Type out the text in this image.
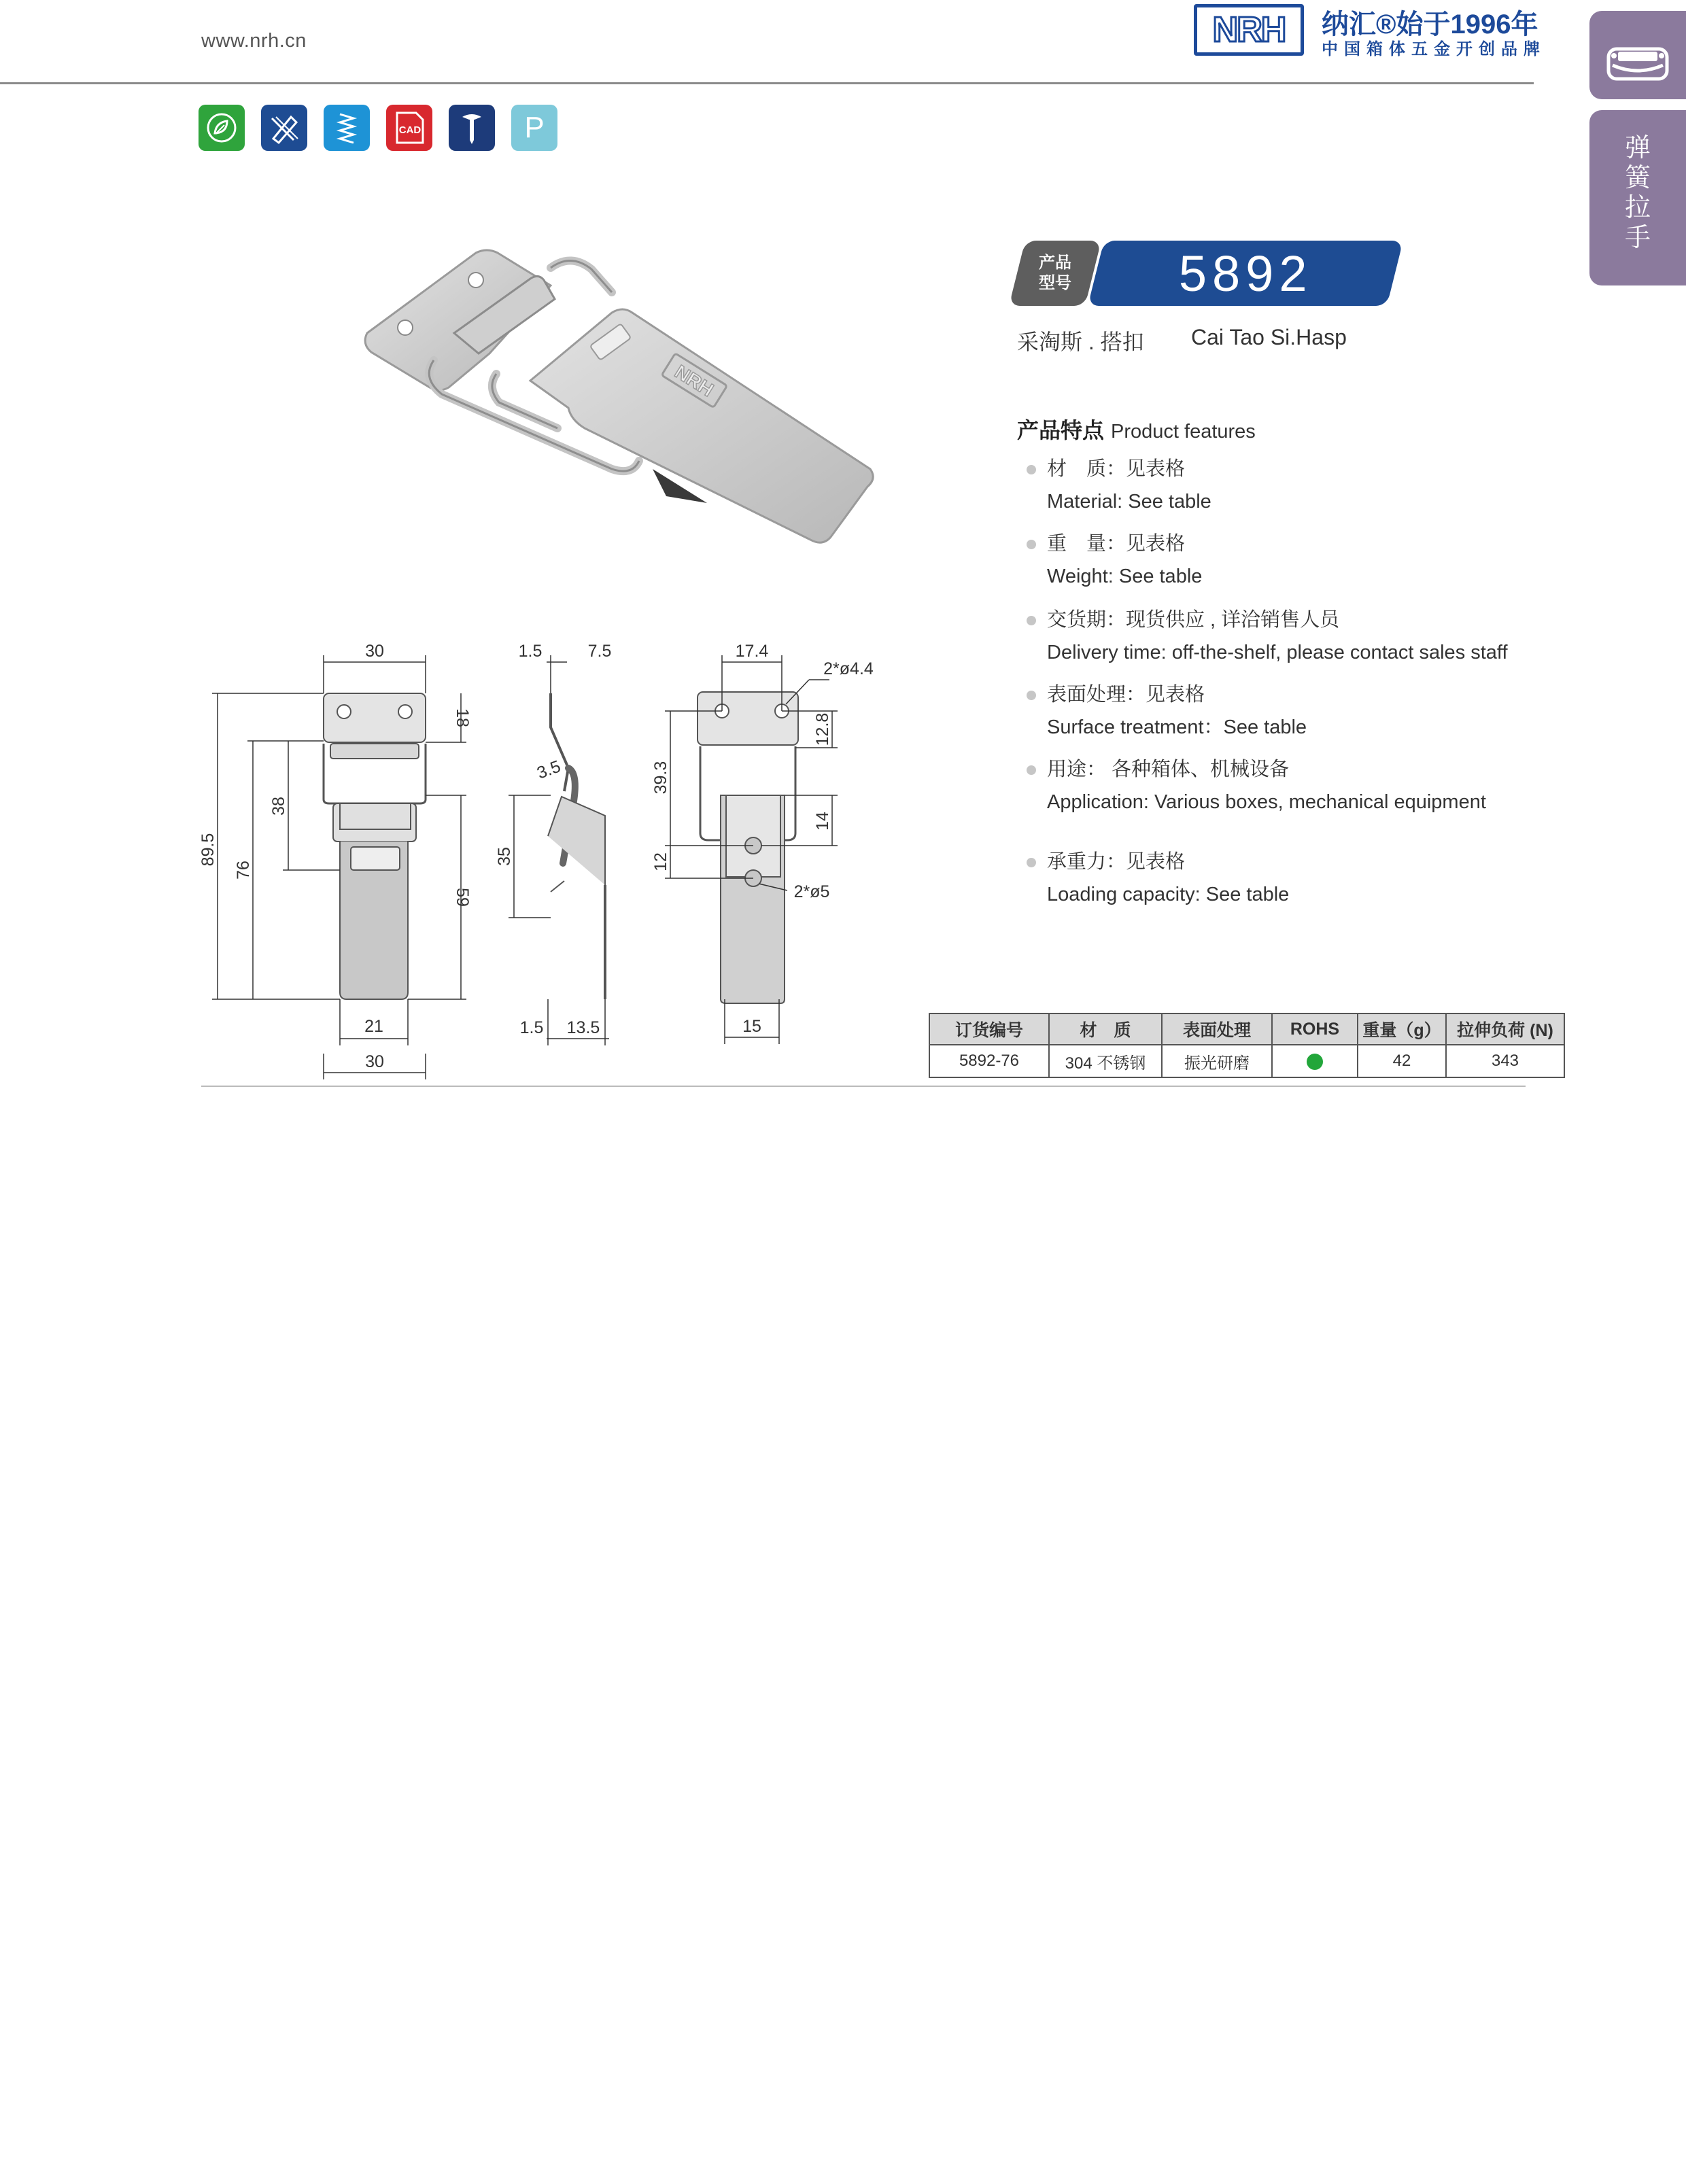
www.nrh.cn	NRH 纳汇®始于1996年
中国箱体五金开创品牌
弹
簧
拉
手
CAD	P
NRH
30
89.5
76
38
18
59
21
30
1.5	7.5
3.5
35
1.5 13.5
17.4
2*ø4.4
39.3
12.8
14
12
2*ø5
15
产品
型号 5892
采淘斯 . 搭扣 Cai Tao Si.Hasp
产品特点 Product features
材　质：见表格
Material: See table
重　量：见表格
Weight: See table
交货期：现货供应 , 详洽销售人员
Delivery time: off-the-shelf, please contact sales staff
表面处理：见表格
Surface treatment：See table
用途： 各种箱体、机械设备
Application: Various boxes, mechanical equipment
承重力：见表格
Loading capacity: See table
订货编号	材　质	表面处理	ROHS	重量（g）	拉伸负荷 (N)
5892-76	304 不锈钢	振光研磨		42	343
